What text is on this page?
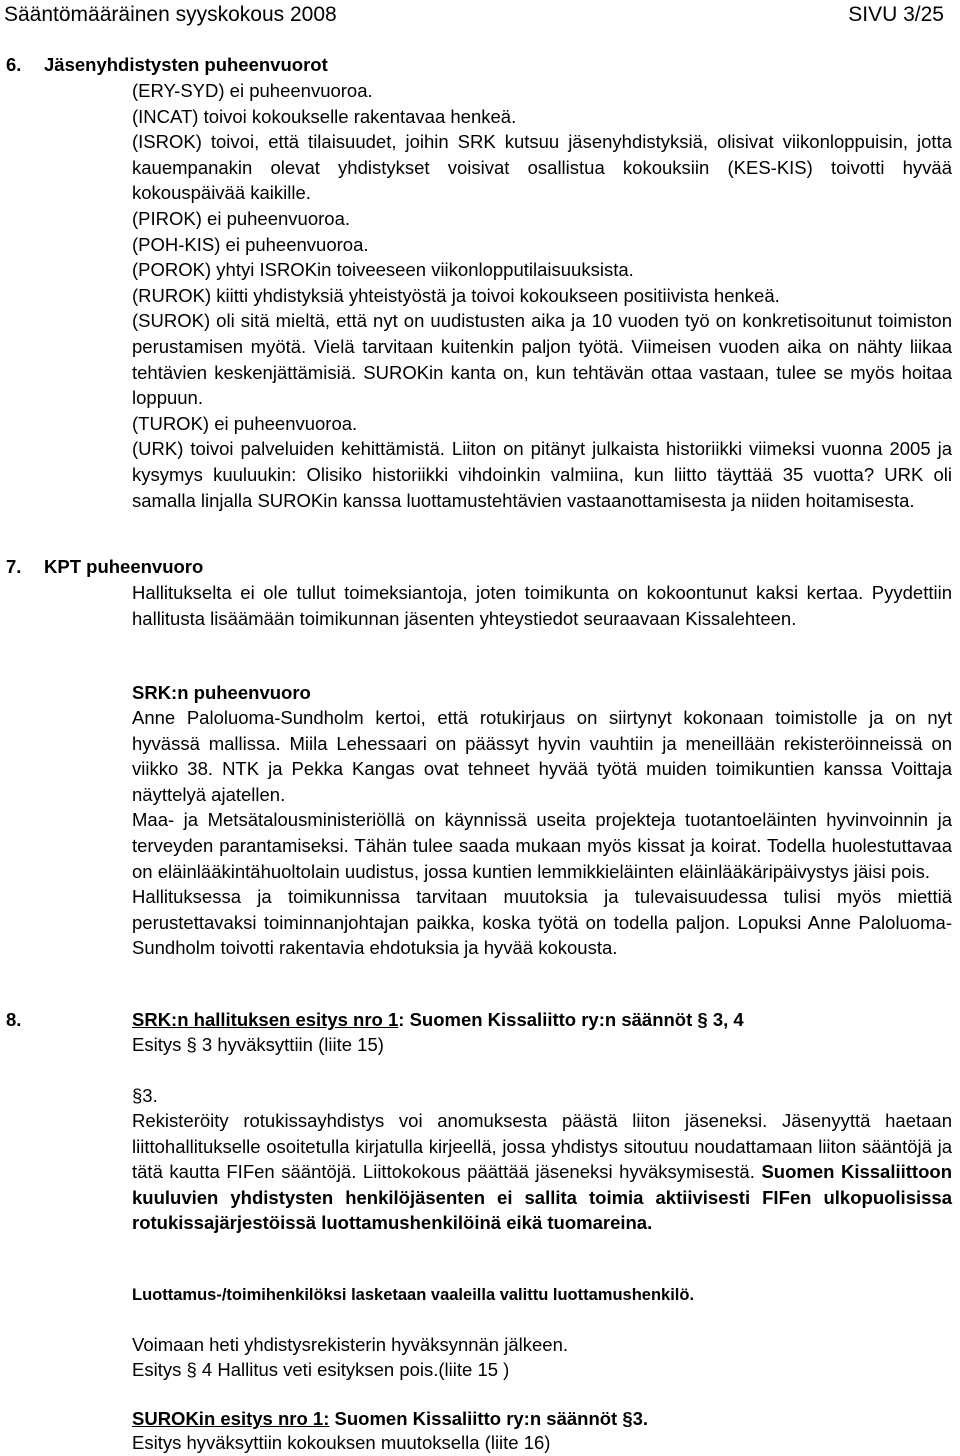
Sääntömääräinen syyskokous 2008	SIVU 3/25
6. Jäsenyhdistysten puheenvuorot

(ERY-SYD) ei puheenvuoroa.

(INCAT) toivoi kokoukselle rakentavaa henkeä.

(ISROK) toivoi, että tilaisuudet, joihin SRK kutsuu jäsenyhdistyksiä, olisivat viikonloppuisin, jotta kauempanakin olevat yhdistykset voisivat osallistua kokouksiin (KES-KIS) toivotti hyvää kokouspäivää kaikille.

(PIROK) ei puheenvuoroa.

(POH-KIS) ei puheenvuoroa.

(POROK) yhtyi ISROKin toiveeseen viikonlopputilaisuuksista.

(RUROK) kiitti yhdistyksiä yhteistyöstä ja toivoi kokoukseen positiivista henkeä.

(SUROK) oli sitä mieltä, että nyt on uudistusten aika ja 10 vuoden työ on konkretisoitunut toimiston perustamisen myötä. Vielä tarvitaan kuitenkin paljon työtä. Viimeisen vuoden aika on nähty liikaa tehtävien keskenjättämisiä. SUROKin kanta on, kun tehtävän ottaa vastaan, tulee se myös hoitaa loppuun.

(TUROK) ei puheenvuoroa.

(URK) toivoi palveluiden kehittämistä. Liiton on pitänyt julkaista historiikki viimeksi vuonna 2005 ja kysymys kuuluukin: Olisiko historiikki vihdoinkin valmiina, kun liitto täyttää 35 vuotta? URK oli samalla linjalla SUROKin kanssa luottamustehtävien vastaanottamisesta ja niiden hoitamisesta.

7. KPT puheenvuoro
Hallitukselta ei ole tullut toimeksiantoja, joten toimikunta on kokoontunut kaksi kertaa. Pyydettiin hallitusta lisäämään toimikunnan jäsenten yhteystiedot seuraavaan Kissalehteen.
SRK:n puheenvuoro

Anne Paloluoma-Sundholm kertoi, että rotukirjaus on siirtynyt kokonaan toimistolle ja on nyt hyvässä mallissa. Miila Lehessaari on päässyt hyvin vauhtiin ja meneillään rekisteröinneissä on viikko 38. NTK ja Pekka Kangas ovat tehneet hyvää työtä muiden toimikuntien kanssa Voittaja näyttelyä ajatellen.

Maa- ja Metsätalousministeriöllä on käynnissä useita projekteja tuotantoeläinten hyvinvoinnin ja terveyden parantamiseksi. Tähän tulee saada mukaan myös kissat ja koirat. Todella huolestuttavaa on eläinlääkintähuoltolain uudistus, jossa kuntien lemmikkieläinten eläinlääkäripäivystys jäisi pois.

Hallituksessa ja toimikunnissa tarvitaan muutoksia ja tulevaisuudessa tulisi myös miettiä perustettavaksi toiminnanjohtajan paikka, koska työtä on todella paljon. Lopuksi Anne Paloluoma-Sundholm toivotti rakentavia ehdotuksia ja hyvää kokousta.

8.	SRK:n hallituksen esitys nro 1: Suomen Kissaliitto ry:n säännöt § 3, 4
Esitys § 3 hyväksyttiin (liite 15)
§3.
Rekisteröity rotukissayhdistys voi anomuksesta päästä liiton jäseneksi. Jäsenyyttä haetaan liittohallitukselle osoitetulla kirjatulla kirjeellä, jossa yhdistys sitoutuu noudattamaan liiton sääntöjä ja tätä kautta FIFen sääntöjä. Liittokokous päättää jäseneksi hyväksymisestä. Suomen Kissaliittoon kuuluvien yhdistysten henkilöjäsenten ei sallita toimia aktiivisesti FIFen ulkopuolisissa rotukissajärjestöissä luottamushenkilöinä eikä tuomareina.
Luottamus-/toimihenkilöksi lasketaan vaaleilla valittu luottamushenkilö.
Voimaan heti yhdistysrekisterin hyväksynnän jälkeen.
Esitys § 4 Hallitus veti esityksen pois.(liite 15 )
SUROKin esitys nro 1: Suomen Kissaliitto ry:n säännöt §3.
Esitys hyväksyttiin kokouksen muutoksella (liite 16)
